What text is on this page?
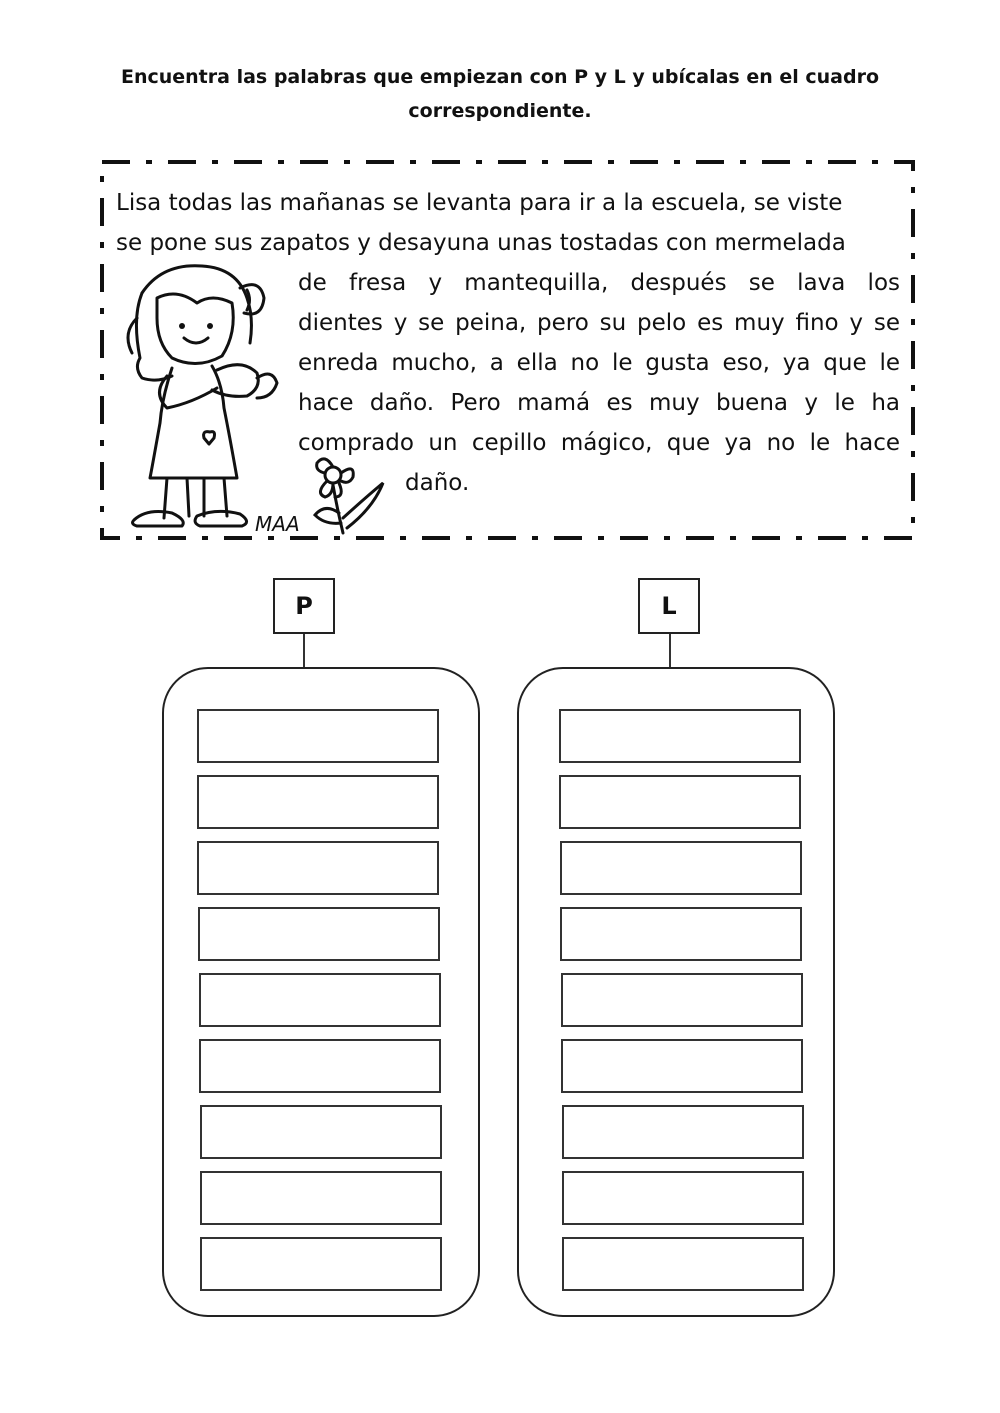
Encuentra las palabras que empiezan con P y L y ubícalas en el cuadro correspondiente.
Lisa todas las mañanas se levanta para ir a la escuela, se viste
se pone sus zapatos y desayuna unas tostadas con mermelada
de fresa y mantequilla, después se lava los
dientes y se peina, pero su pelo es muy fino y se
enreda mucho, a ella no le gusta eso, ya que le
hace daño. Pero mamá es muy buena y le ha
comprado un cepillo mágico, que ya no le hace
daño.
MAA
P	L
